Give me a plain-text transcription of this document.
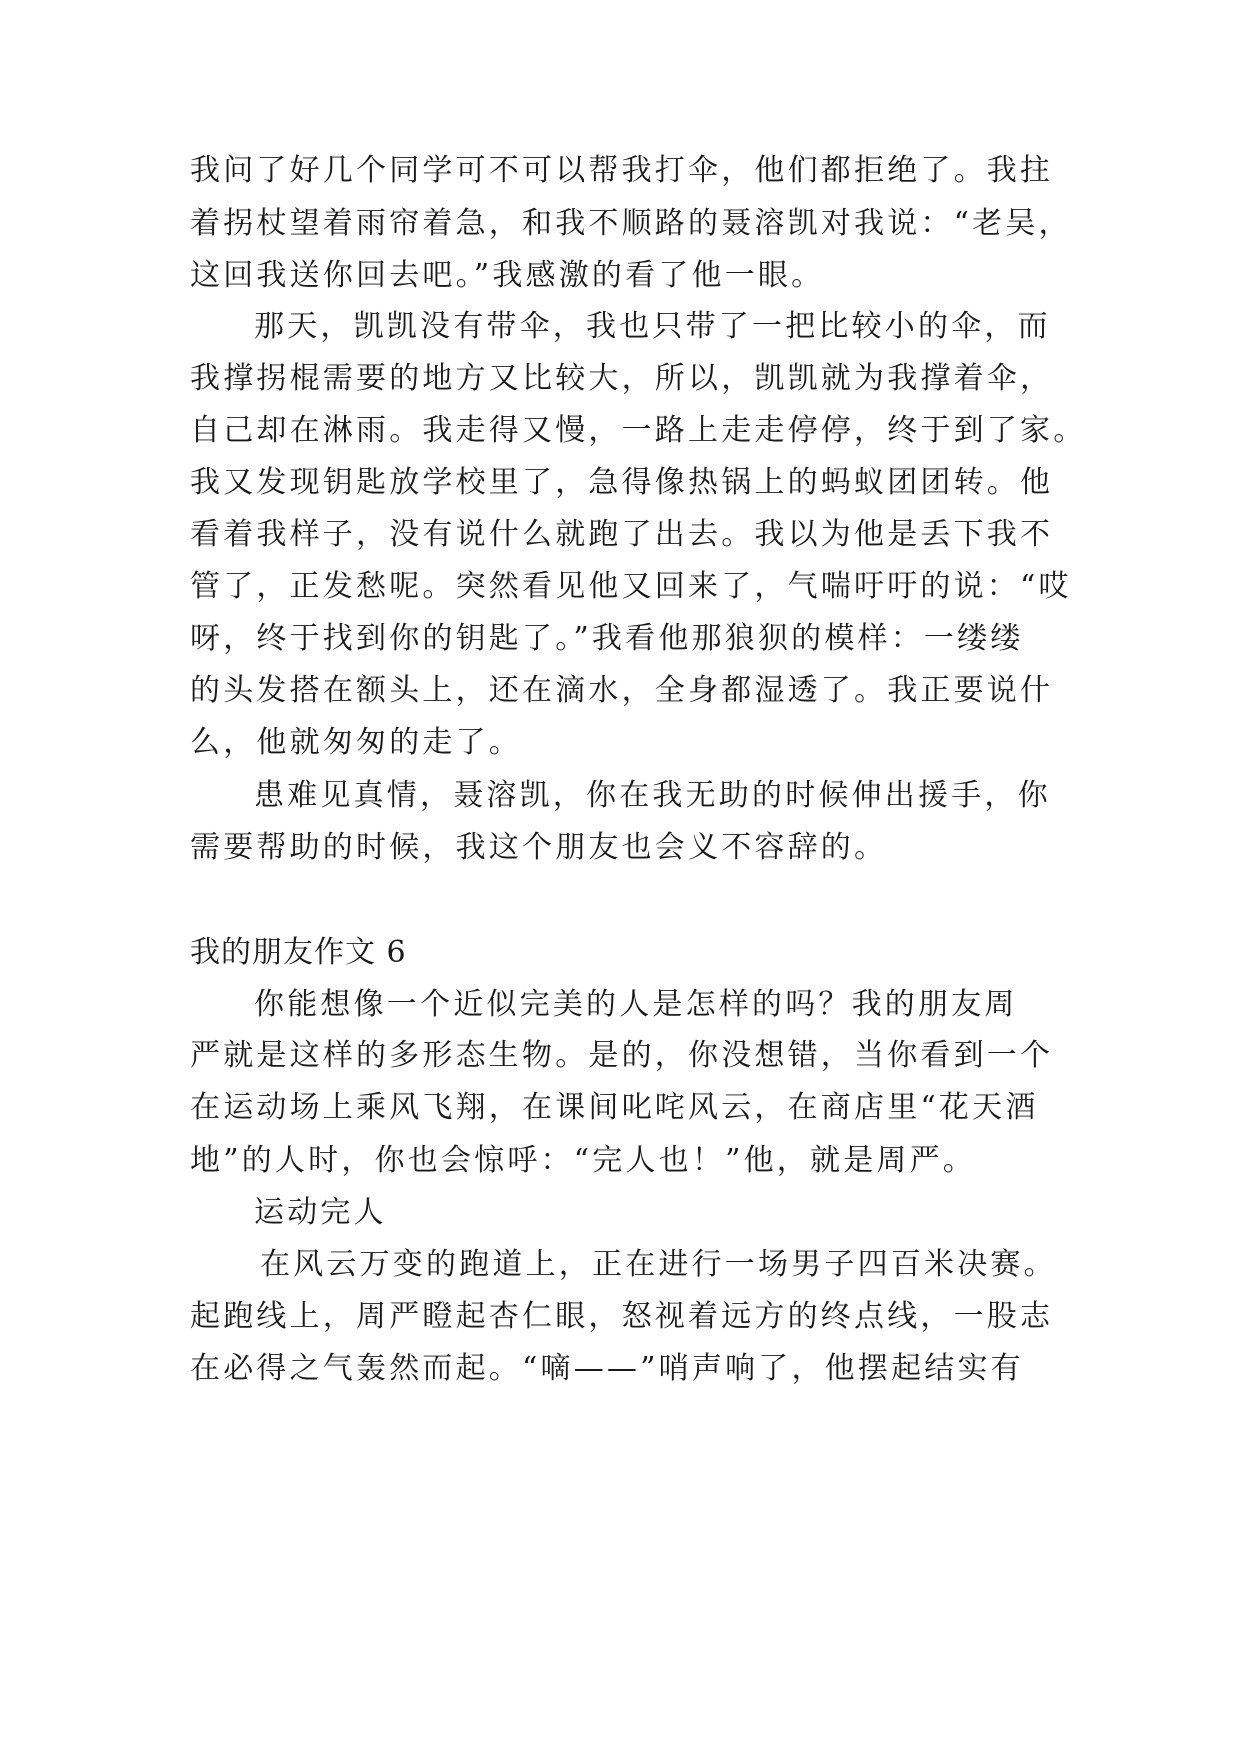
我问了好几个同学可不可以帮我打伞，他们都拒绝了。我拄
着拐杖望着雨帘着急，和我不顺路的聂溶凯对我说：“老吴，
这回我送你回去吧。”我感激的看了他一眼。
那天，凯凯没有带伞，我也只带了一把比较小的伞，而
我撑拐棍需要的地方又比较大，所以，凯凯就为我撑着伞，
自己却在淋雨。我走得又慢，一路上走走停停，终于到了家。
我又发现钥匙放学校里了，急得像热锅上的蚂蚁团团转。他
看着我样子，没有说什么就跑了出去。我以为他是丢下我不
管了，正发愁呢。突然看见他又回来了，气喘吁吁的说：“哎
呀，终于找到你的钥匙了。”我看他那狼狈的模样：一缕缕
的头发搭在额头上，还在滴水，全身都湿透了。我正要说什
么，他就匆匆的走了。
患难见真情，聂溶凯，你在我无助的时候伸出援手，你
需要帮助的时候，我这个朋友也会义不容辞的。
我的朋友作文 6
你能想像一个近似完美的人是怎样的吗？我的朋友周
严就是这样的多形态生物。是的，你没想错，当你看到一个
在运动场上乘风飞翔，在课间叱咤风云，在商店里“花天酒
地”的人时，你也会惊呼：“完人也！”他，就是周严。
运动完人
在风云万变的跑道上，正在进行一场男子四百米决赛。
起跑线上，周严瞪起杏仁眼，怒视着远方的终点线，一股志
在必得之气轰然而起。“嘀——”哨声响了，他摆起结实有
